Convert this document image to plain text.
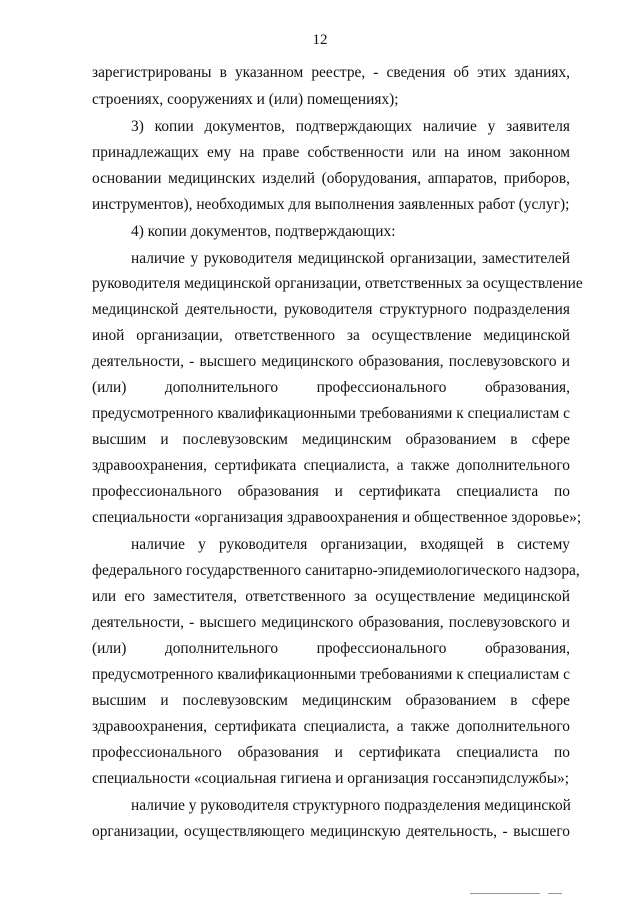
12
зарегистрированы в указанном реестре, - сведения об этих зданиях,
строениях, сооружениях и (или) помещениях);
3) копии документов, подтверждающих наличие у заявителя
принадлежащих ему на праве собственности или на ином законном
основании медицинских изделий (оборудования, аппаратов, приборов,
инструментов), необходимых для выполнения заявленных работ (услуг);
4) копии документов, подтверждающих:
наличие у руководителя медицинской организации, заместителей
руководителя медицинской организации, ответственных за осуществление
медицинской деятельности, руководителя структурного подразделения
иной организации, ответственного за осуществление медицинской
деятельности, - высшего медицинского образования, послевузовского и
(или) дополнительного профессионального образования,
предусмотренного квалификационными требованиями к специалистам с
высшим и послевузовским медицинским образованием в сфере
здравоохранения, сертификата специалиста, а также дополнительного
профессионального образования и сертификата специалиста по
специальности «организация здравоохранения и общественное здоровье»;
наличие у руководителя организации, входящей в систему
федерального государственного санитарно-эпидемиологического надзора,
или его заместителя, ответственного за осуществление медицинской
деятельности, - высшего медицинского образования, послевузовского и
(или) дополнительного профессионального образования,
предусмотренного квалификационными требованиями к специалистам с
высшим и послевузовским медицинским образованием в сфере
здравоохранения, сертификата специалиста, а также дополнительного
профессионального образования и сертификата специалиста по
специальности «социальная гигиена и организация госсанэпидслужбы»;
наличие у руководителя структурного подразделения медицинской
организации, осуществляющего медицинскую деятельность, - высшего
